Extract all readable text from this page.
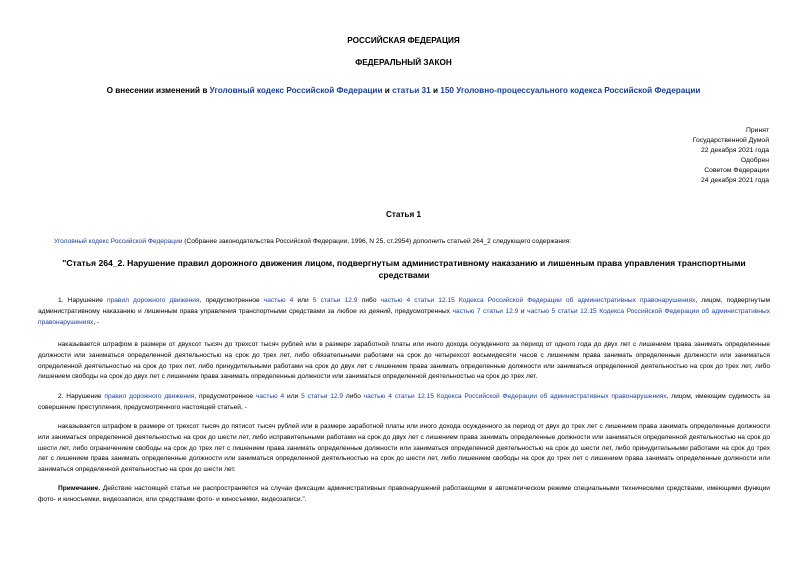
РОССИЙСКАЯ ФЕДЕРАЦИЯ
ФЕДЕРАЛЬНЫЙ ЗАКОН
О внесении изменений в Уголовный кодекс Российской Федерации и статьи 31 и 150 Уголовно-процессуального кодекса Российской Федерации
Принят
Государственной Думой
22 декабря 2021 года
Одобрен
Советом Федерации
24 декабря 2021 года
Статья 1
Уголовный кодекс Российской Федерации (Собрание законодательства Российской Федерации, 1996, N 25, ст.2954) дополнить статьей 264_2 следующего содержания:
"Статья 264_2. Нарушение правил дорожного движения лицом, подвергнутым административному наказанию и лишенным права управления транспортными средствами
1. Нарушение правил дорожного движения, предусмотренное частью 4 или 5 статьи 12.9 либо частью 4 статьи 12.15 Кодекса Российской Федерации об административных правонарушениях, лицом, подвергнутым административному наказанию и лишенным права управления транспортными средствами за любое из деяний, предусмотренных частью 7 статьи 12.9 и частью 5 статьи 12.15 Кодекса Российской Федерации об административных правонарушениях, -
наказывается штрафом в размере от двухсот тысяч до трехсот тысяч рублей или в размере заработной платы или иного дохода осужденного за период от одного года до двух лет с лишением права занимать определенные должности или заниматься определенной деятельностью на срок до трех лет, либо обязательными работами на срок до четырехсот восьмидесяти часов с лишением права занимать определенные должности или заниматься определенной деятельностью на срок до трех лет, либо принудительными работами на срок до двух лет с лишением права занимать определенные должности или заниматься определенной деятельностью на срок до трех лет, либо лишением свободы на срок до двух лет с лишением права занимать определенные должности или заниматься определенной деятельностью на срок до трех лет.
2. Нарушение правил дорожного движения, предусмотренное частью 4 или 5 статьи 12.9 либо частью 4 статьи 12.15 Кодекса Российской Федерации об административных правонарушениях, лицом, имеющим судимость за совершение преступления, предусмотренного настоящей статьей, -
наказывается штрафом в размере от трехсот тысяч до пятисот тысяч рублей или в размере заработной платы или иного дохода осужденного за период от двух до трех лет с лишением права занимать определенные должности или заниматься определенной деятельностью на срок до шести лет, либо исправительными работами на срок до двух лет с лишением права занимать определенные должности или заниматься определенной деятельностью на срок до шести лет, либо ограничением свободы на срок до трех лет с лишением права занимать определенные должности или заниматься определенной деятельностью на срок до шести лет, либо принудительными работами на срок до трех лет с лишением права занимать определенные должности или заниматься определенной деятельностью на срок до шести лет, либо лишением свободы на срок до трех лет с лишением права занимать определенные должности или заниматься определенной деятельностью на срок до шести лет.
Примечание. Действие настоящей статьи не распространяется на случаи фиксации административных правонарушений работающими в автоматическом режиме специальными техническими средствами, имеющими функции фото- и киносъемки, видеозаписи, или средствами фото- и киносъемки, видеозаписи.".
